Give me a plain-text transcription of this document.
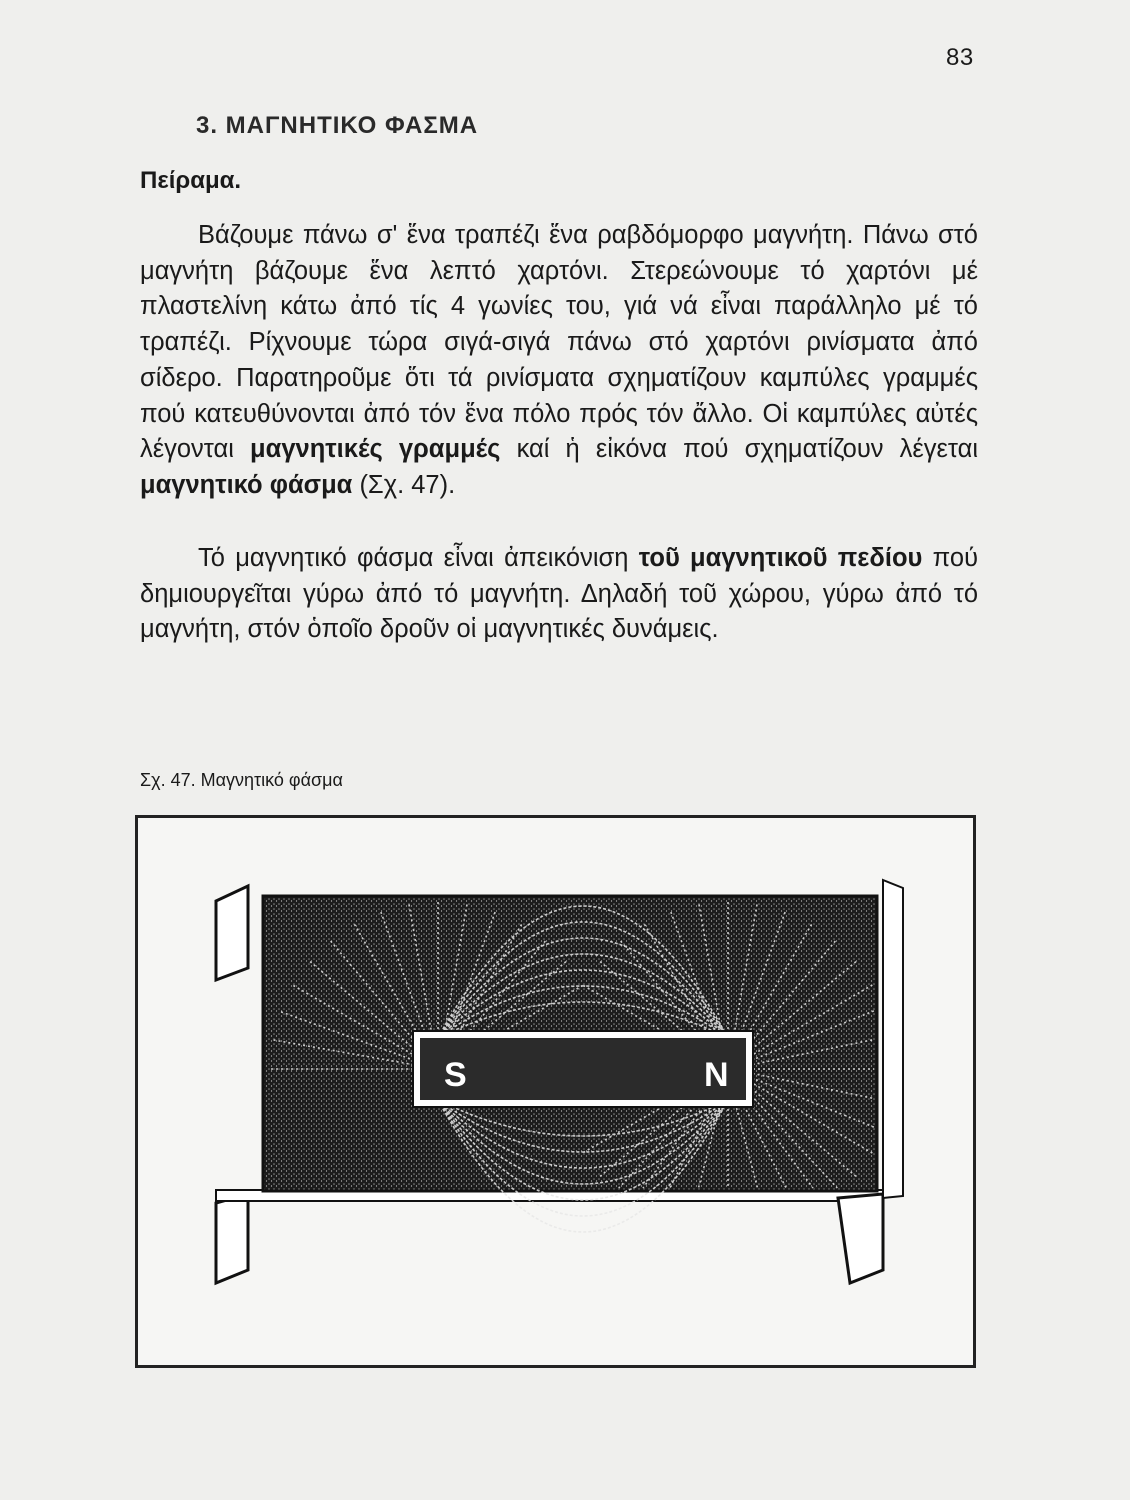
83
3. ΜΑΓΝΗΤΙΚΟ ΦΑΣΜΑ
Πείραμα.

Βάζουμε πάνω σ' ἕνα τραπέζι ἕνα ραβδόμορφο μαγνήτη. Πάνω στό μαγνήτη βάζουμε ἕνα λεπτό χαρτόνι. Στερεώνουμε τό χαρτόνι μέ πλαστελίνη κάτω ἀπό τίς 4 γωνίες του, γιά νά εἶναι παράλληλο μέ τό τραπέζι. Ρίχνουμε τώρα σιγά-σιγά πάνω στό χαρτόνι ρινίσματα ἀπό σίδερο. Παρατηροῦμε ὅτι τά ρινίσματα σχηματίζουν καμπύλες γραμμές πού κατευθύνονται ἀπό τόν ἕνα πόλο πρός τόν ἄλλο. Οἱ καμπύλες αὐτές λέγονται μαγνητικές γραμμές καί ἡ εἰκόνα πού σχηματίζουν λέγεται μαγνητικό φάσμα (Σχ. 47).

Τό μαγνητικό φάσμα εἶναι ἀπεικόνιση τοῦ μαγνητικοῦ πεδίου πού δημιουργεῖται γύρω ἀπό τό μαγνήτη. Δηλαδή τοῦ χώρου, γύρω ἀπό τό μαγνήτη, στόν ὁποῖο δροῦν οἱ μαγνητικές δυνάμεις.

Σχ. 47. Μαγνητικό φάσμα
S	N
